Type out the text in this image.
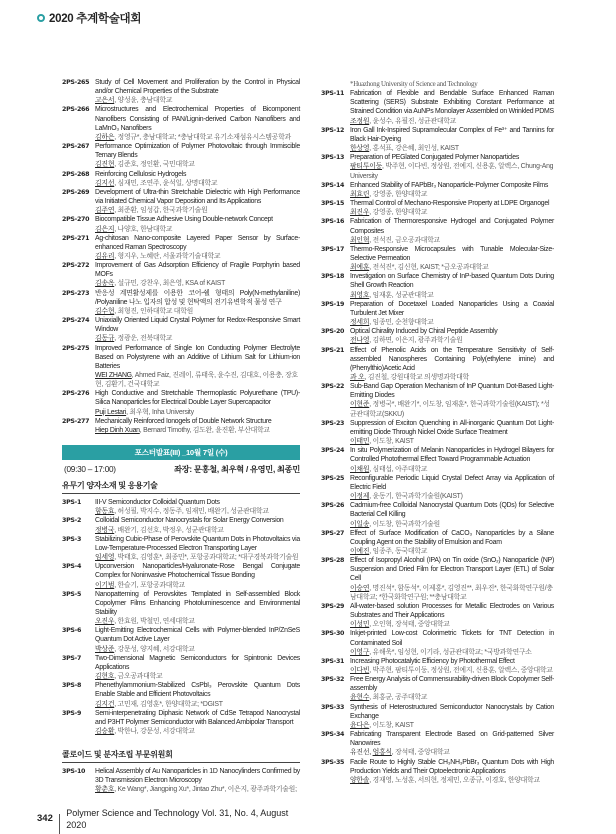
2020 추계학술대회
2PS-265 Study of Cell Movement and Proliferation by the Control in Physical and/or Chemical Properties of the Substrate
고은서, 양성윤, 충남대학교
2PS-266 Microstructures and Electrochemical Properties of Bicomponent Nanofibers Consisting of PAN/Lignin-derived Carbon Nanofibers and LaMnO₃ Nanofibers
김하은, 정영규*, 충남대학교; *충남대학교 유기소재섬유시스템공학과
2PS-267 Performance Optimization of Polymer Photovoltaic through Immiscible Ternary Blends
김진현, 김준호, 정인환, 국민대학교
2PS-268 Reinforcing Cellulosic Hydrogels
김지선, 심재민, 조연주, 윤석일, 상명대학교
2PS-269 Development of Ultra-thin Stretchable Dielectric with High Performance via Initiated Chemical Vapor Deposition and Its Applications
김주연, 최준환, 임성갑, 한국과학기술원
2PS-270 Biocompatible Tissue Adhesive Using Double-network Concept
김은지, 나양호, 한남대학교
2PS-271 Ag-chitosan Nano-composite Layered Paper Sensor by Surface-enhanced Raman Spectroscopy
김유리, 형지우, 노혜란, 서울과학기술대학교
2PS-272 Improvement of Gas Adsorption Efficiency of Fragile Porphyrin based MOFs
김송옥, 설규민, 강찬우, 최은영, KSA of KAIST
2PS-273 반응성 계면활성제를 이용한 코어-쉘 형태의 Poly(N-methylaniline) /Polyaniline 나노 입자의 합성 및 현탁액의 전기유변학적 물성 연구
김수현, 최형진, 인하대학교 대학원
2PS-274 Uniaxially Oriented Liquid Crystal Polymer for Redox-Responsive Smart Window
김동규, 정광운, 전북대학교
2PS-275 Improved Performance of Single Ion Conducting Polymer Electrolyte Based on Polystyrene with an Additive of Lithium Salt for Lithium-ion Batteries
WEI ZHANG, Ahmed Faiz, 진레이, 류태욱, 윤수진, 김대호, 이용충, 장호현, 김환기, 건국대학교
2PS-276 High Conductive and Stretchable Thermoplastic Polyurethane (TPU)-Silica Nanoparticles for Electrical Double Layer Supercapacitor
Puji Lestari, 최우혁, Inha University
2PS-277 Mechanically Reinforced Ionogels of Double Network Structure
Hiep Dinh Xuan, Bernard Timothy, 김도완, 윤진환, 부산대학교
포스터발표(III) _10월 7일 (수)
(09:30 – 17:00)	좌장: 문홍철, 최우혁 / 유영민, 최종민
유무기 양자소재 및 응용기술
3PS-1	III-V Semiconductor Colloidal Quantum Dots
함동효, 허성필, 박지수, 정동주, 임재민, 배완기, 성균관대학교
3PS-2	Colloidal Semiconductor Nanocrystals for Solar Energy Conversion
정병국, 배완기, 김선호, 박정우, 성균관대학교
3PS-3	Stabilizing Cubic-Phase of Perovskite Quantum Dots in Photovoltaics via Low-Temperature-Processed Electron Transporting Layer
임세영, 박태호, 김영훈*, 최종민*, 포항공과대학교; *대구경북과학기술원
3PS-4	Upconversion Nanoparticles/Hyaluronate-Rose Bengal Conjugate Complex for Noninvasive Photochemical Tissue Bonding
이기범, 한슬기, 포항공과대학교
3PS-5	Nanopatterning of Perovskites Templated in Self-assembled Block Copolymer Films Enhancing Photoluminescence and Environmental Stability
오진우, 한효원, 박철민, 연세대학교
3PS-6	Light-Emitting Electrochemical Cells with Polymer-blended InP/ZnSeS Quantum Dot Active Layer
박상준, 강문성, 양지혜, 서강대학교
3PS-7	Two-Dimensional Magnetic Semiconductors for Spintronic Devices Applications
김현호, 금오공과대학교
3PS-8	Phenethylammonium-Stabilized CsPbI₃ Perovskite Quantum Dots Enable Stable and Efficient Photovoltaics
김지건, 고민재, 김영훈*, 한양대학교; *DGIST
3PS-9	Semi-interpenetrating Diphasic Network of CdSe Tetrapod Nanocrystal and P3HT Polymer Semiconductor with Balanced Ambipolar Transport
김승환, 박한나, 강문성, 서강대학교
콜로이드 및 분자조립 부문위원회
3PS-10	Helical Assembly of Au Nanoparticles in 1D Nanocylinders Confirmed by 3D Transmission Electron Microscopy
황춘호, Ke Wang*, Jiangping Xu*, Jintao Zhu*, 이은지, 광주과학기술원;
342 Polymer Science and Technology Vol. 31, No. 4, August 2020
*Huazhong University of Science and Technology
3PS-11 Fabrication of Flexible and Bendable Surface Enhanced Raman Scattering (SERS) Substrate Exhibiting Constant Performance at Strained Condition via AuNPs Monolayer Assembled on Wrinkled PDMS
조정원, 윤성수, 유필진, 성균관대학교
3PS-12 Iron Gall Ink-Inspired Supramolecular Complex of Fe³⁺ and Tannins for Black Hair-Dyeing
한상영, 홍석표, 강은혜, 최인성, KAIST
3PS-13 Preparation of PEGlated Conjugated Polymer Nanoparticles
팜티투이둥, 박주현, 이다빈, 정상원, 전예지, 신용훈, 알렉스, Chung-Ang University
3PS-14 Enhanced Stability of FAPbBr₃ Nanoparticle-Polymer Composite Films
최효린, 강영종, 한양대학교
3PS-15 Thermal Control of Mechano-Responsive Property at LDPE Organogel
최진우, 강영종, 한양대학교
3PS-16 Fabrication of Thermoresponsive Hydrogel and Conjugated Polymer Composites
최인혁, 전석진, 금오공과대학교
3PS-17 Thermo-Responsive Microcapsules with Tunable Molecular-Size-Selective Permeation
최예훈, 전석진*, 김신현, KAIST; *금오공과대학교
3PS-18 Investigation on Surface Chemistry of InP-based Quantum Dots During Shell Growth Reaction
최영호, 임재훈, 성균관대학교
3PS-19 Preparation of Docetaxel Loaded Nanoparticles Using a Coaxial Turbulent Jet Mixer
정세희, 임종민, 순천향대학교
3PS-20 Optical Chirality Induced by Chiral Peptide Assembly
전나영, 김하면, 이은지, 광주과학기술원
3PS-21 Effect of Phenolic Acids on the Temperature Sensitivity of Self-assembled Nanospheres Containing Poly(ethylene imine) and (Phenylthio)Acetic Acid
과 오, 김진철, 강원대학교 의생명과학대학
3PS-22 Sub-Band Gap Operation Mechanism of InP Quantum Dot-Based Light-Emitting Diodes
이현준, 정병국*, 배완기*, 이도창, 임재훈*, 한국과학기술원(KAIST); *성균관대학교(SKKU)
3PS-23 Suppression of Exciton Quenching in All-inorganic Quantum Dot Light-emitting Diode Through Nickel Oxide Surface Treatment
이태민, 이도창, KAIST
3PS-24 In situ Polymerization of Melanin Nanoparticles in Hydrogel Bilayers for Controlled Photothermal Effect Toward Programmable Actuation
이채원, 심태섭, 아주대학교
3PS-25 Reconfigurable Periodic Liquid Crystal Defect Array via Application of Electric Field
이정제, 윤동기, 한국과학기술원(KAIST)
3PS-26 Cadmium-free Colloidal Nanocrystal Quantum Dots (QDs) for Selective Bacterial Cell Killing
이일송, 이도창, 한국과학기술원
3PS-27 Effect of Surface Modification of CaCO₃ Nanoparticles by a Silane Coupling Agent on the Stability of Emulsion and Foam
이예진, 임종주, 동국대학교
3PS-28 Effect of Isopropyl Alcohol (IPA) on Tin oxide (SnO₂) Nanoparticle (NP) Suspension and Dried Film for Electron Transport Layer (ETL) of Solar Cell
이승연, 명진석*, 함동석*, 이제홍*, 김영진**, 최우진*, 한국화학연구원/충남대학교; *한국화학연구원; **충남대학교
3PS-29 All-water-based solution Processes for Metallic Electrodes on Various Substrates and Their Applications
이성민, 오인혁, 장석태, 중앙대학교
3PS-30 Inkjet-printed Low-cost Colorimetric Tickets for TNT Detection in Contaminated Soil
이영구, 유해욱*, 임성현, 이기라, 성균관대학교; *국방과학연구소
3PS-31 Increasing Photocatalytic Efficiency by Photothermal Effect
이다빈, 박주현, 팜티투이둥, 정상원, 전예지, 신용훈, 알렉스, 중앙대학교
3PS-32 Free Energy Analysis of Commensurability-driven Block Copolymer Self-assembly
윤현수, 최홍균, 공주대학교
3PS-33 Synthesis of Heterostructured Semiconductor Nanocrystals by Cation Exchange
윤다은, 이도창, KAIST
3PS-34 Fabricating Transparent Electrode Based on Grid-patterned Silver Nanowires
유진선, 엄홍식, 장석태, 중앙대학교
3PS-35 Facile Route to Highly Stable CH₃NH₃PbBr₃ Quantum Dots with High Production Yields and Their Optoelectronic Applications
양한솔, 경재영, 노성훈, 서의현, 정제민, 오종규, 이경호, 한양대학교
